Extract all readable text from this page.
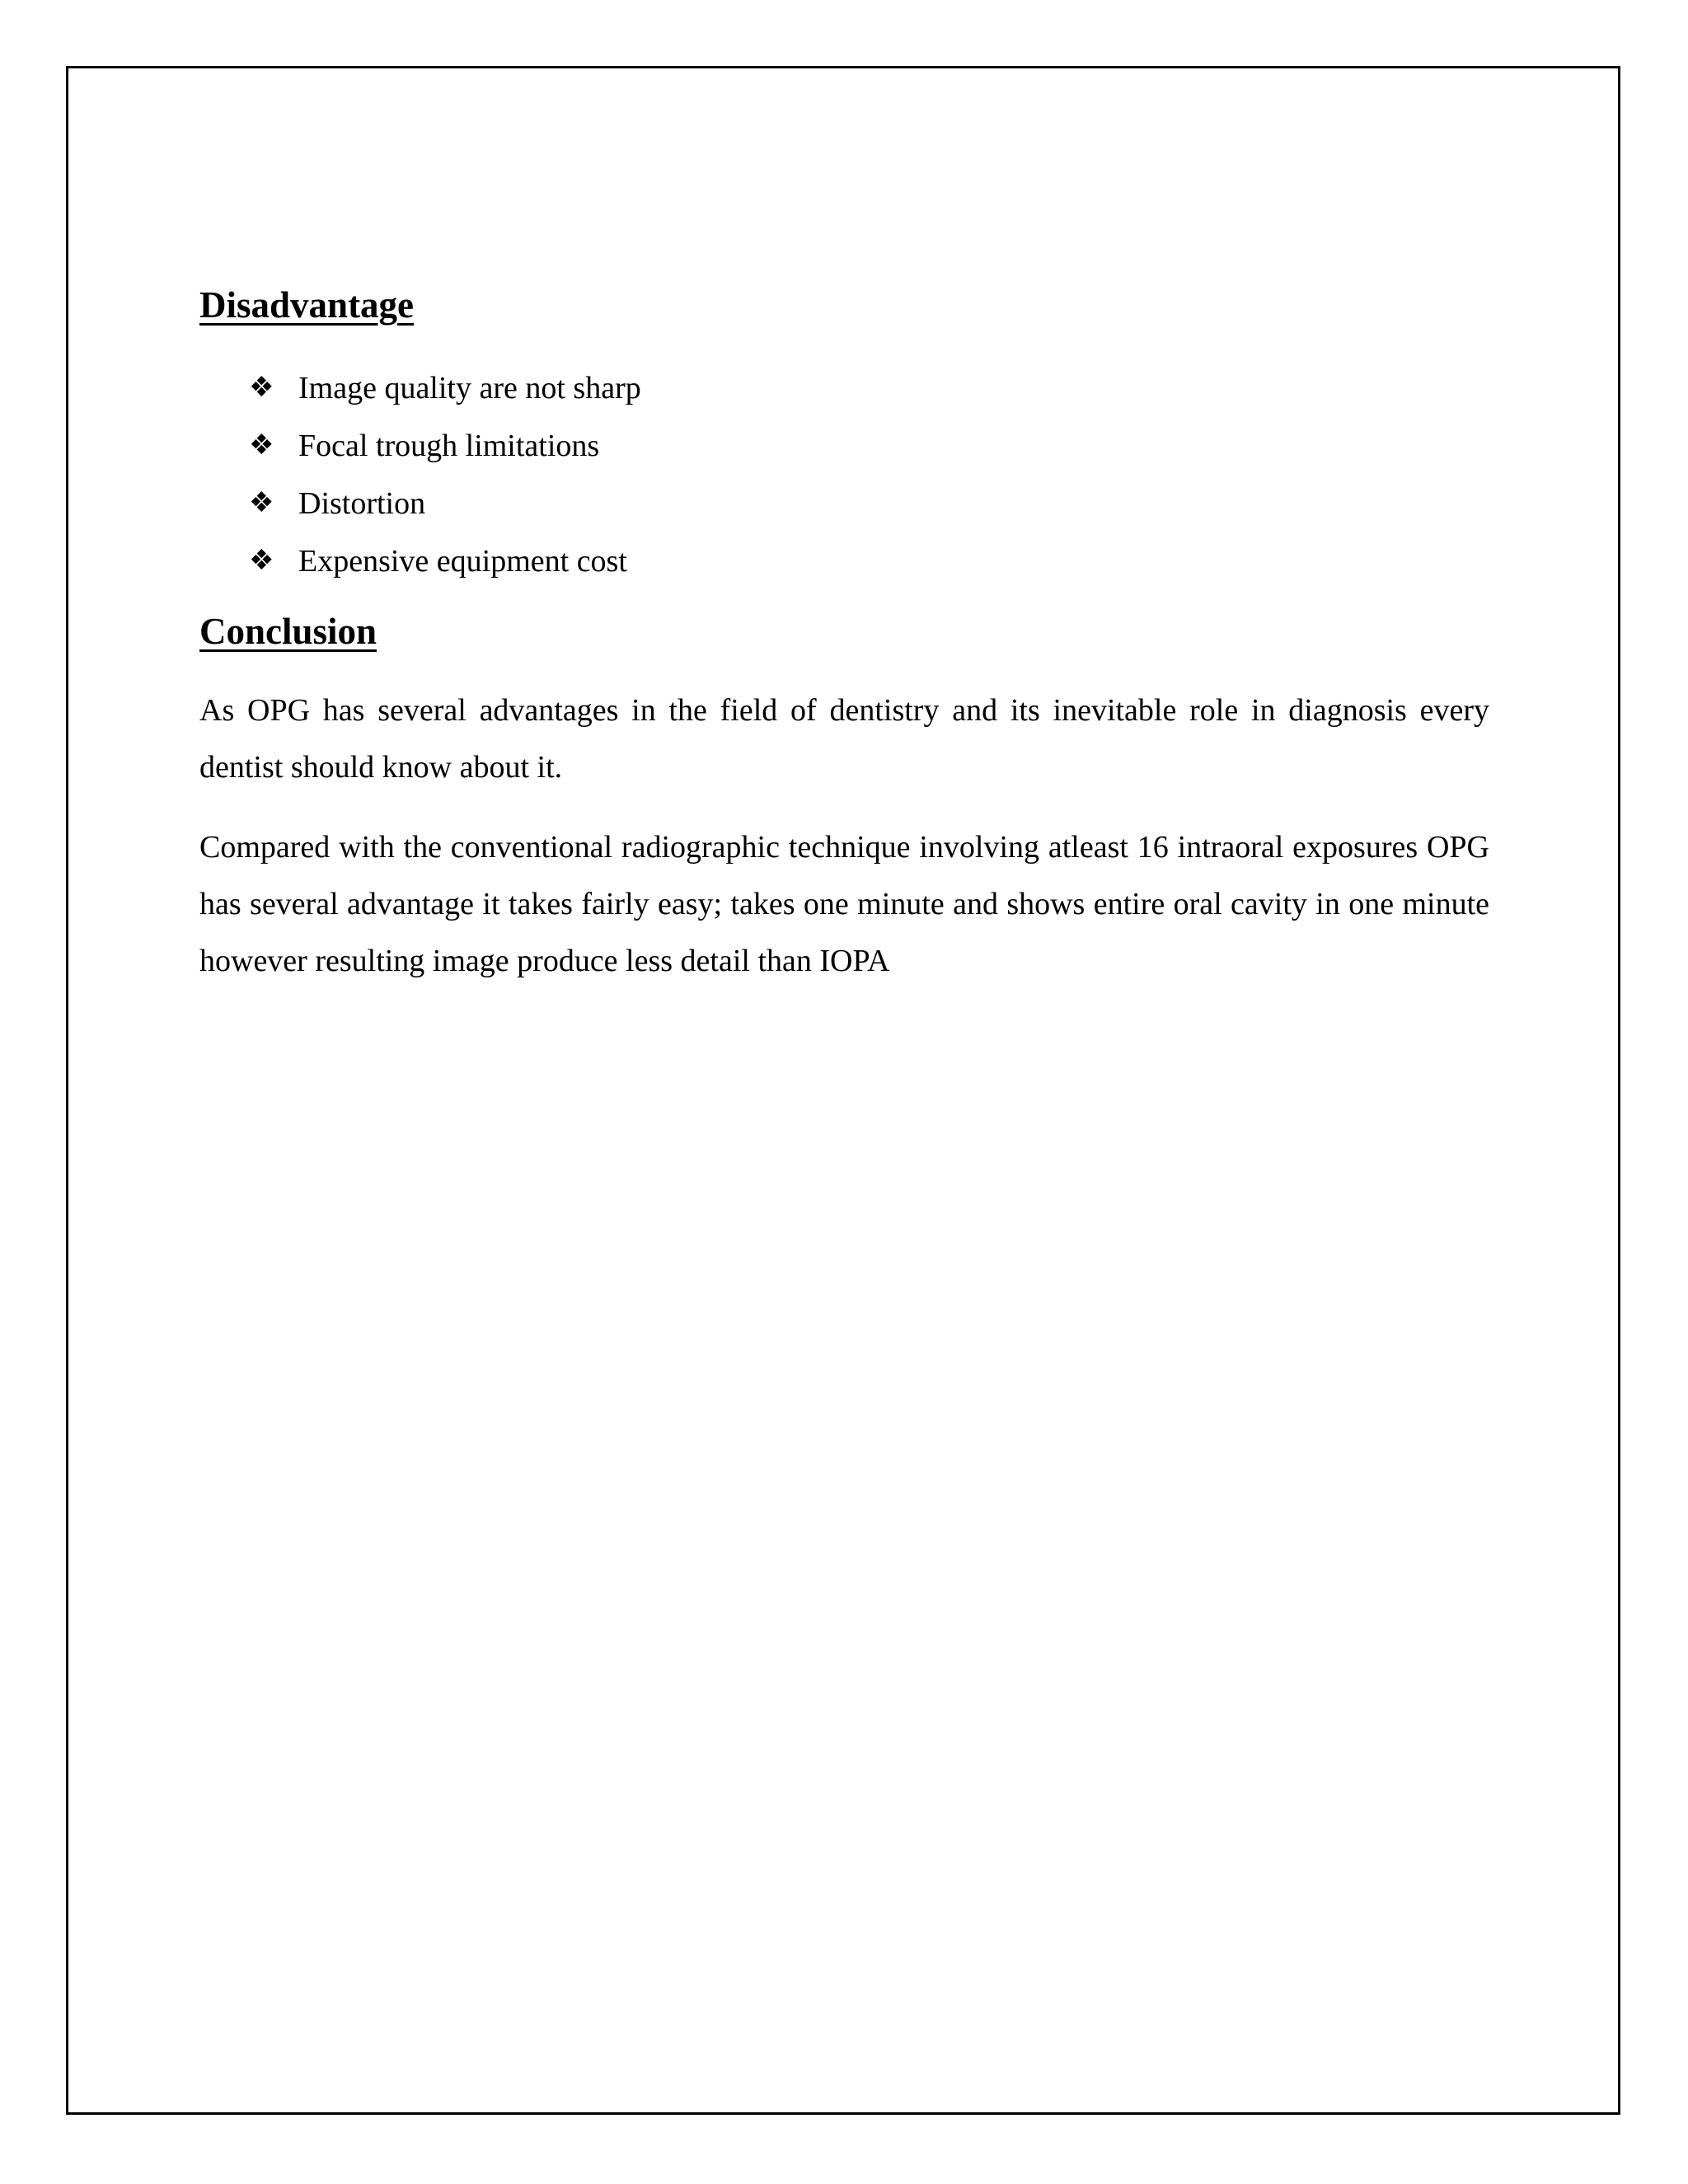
Disadvantage
❖ Image quality are not sharp
❖ Focal trough limitations
❖ Distortion
❖ Expensive equipment cost
Conclusion

As OPG has several advantages in the field of dentistry and its inevitable role in diagnosis every dentist should know about it.

Compared with the conventional radiographic technique involving atleast 16 intraoral exposures OPG has several advantage it takes fairly easy; takes one minute and shows entire oral cavity in one minute however resulting image produce less detail than IOPA
